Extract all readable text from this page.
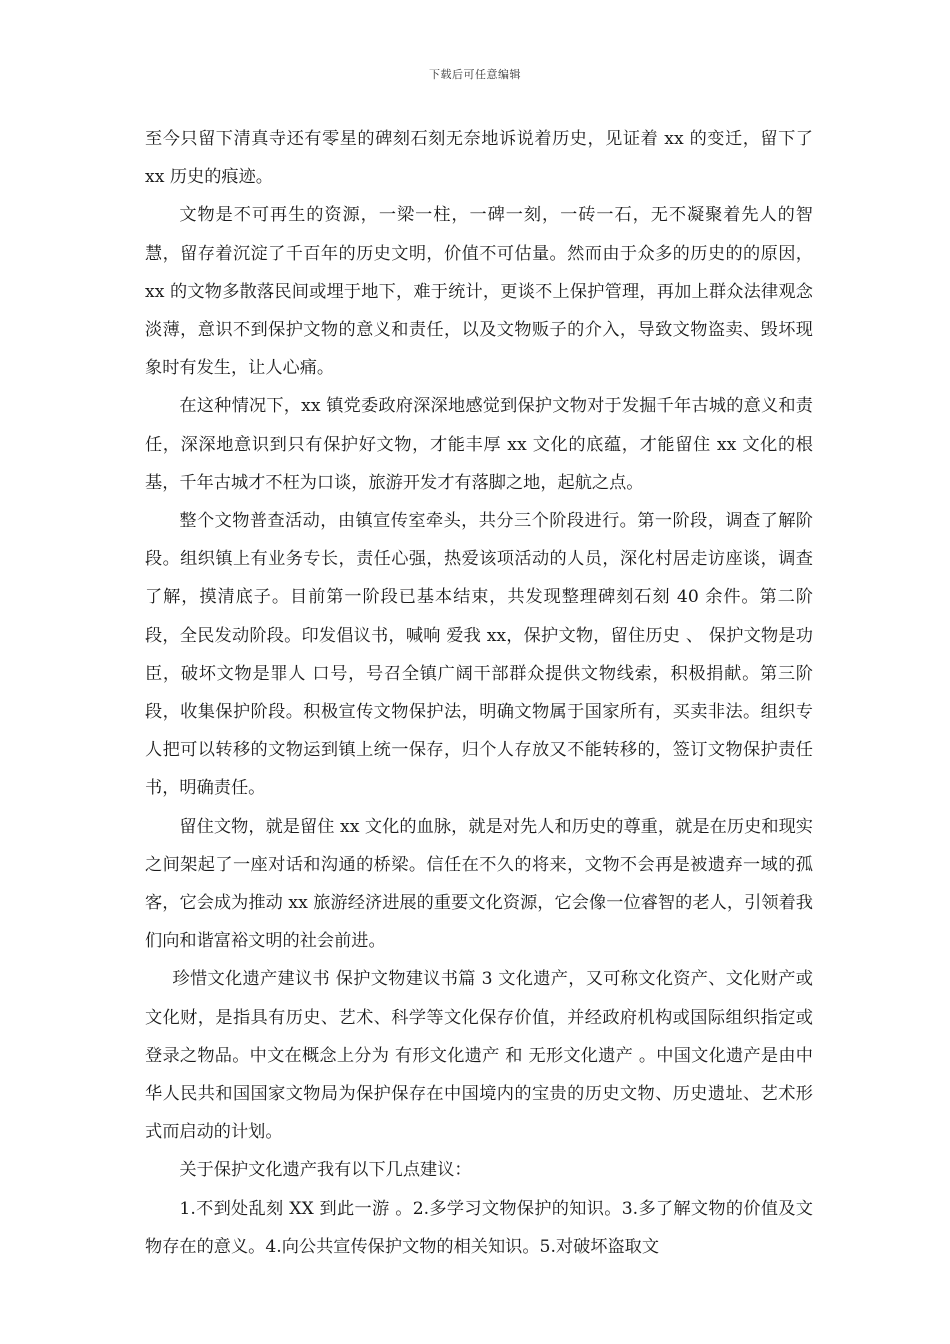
下载后可任意编辑

至今只留下清真寺还有零星的碑刻石刻无奈地诉说着历史，见证着 xx 的变迁，留下了 xx 历史的痕迹。

文物是不可再生的资源，一梁一柱，一碑一刻，一砖一石，无不凝聚着先人的智慧，留存着沉淀了千百年的历史文明，价值不可估量。然而由于众多的历史的的原因，xx 的文物多散落民间或埋于地下，难于统计，更谈不上保护管理，再加上群众法律观念淡薄，意识不到保护文物的意义和责任，以及文物贩子的介入，导致文物盗卖、毁坏现象时有发生，让人心痛。

在这种情况下，xx 镇党委政府深深地感觉到保护文物对于发掘千年古城的意义和责任，深深地意识到只有保护好文物，才能丰厚 xx 文化的底蕴，才能留住 xx 文化的根基，千年古城才不枉为口谈，旅游开发才有落脚之地，起航之点。

整个文物普查活动，由镇宣传室牵头，共分三个阶段进行。第一阶段，调查了解阶段。组织镇上有业务专长，责任心强，热爱该项活动的人员，深化村居走访座谈，调查了解，摸清底子。目前第一阶段已基本结束，共发现整理碑刻石刻 40 余件。第二阶段，全民发动阶段。印发倡议书，喊响 爱我 xx，保护文物，留住历史 、 保护文物是功臣，破坏文物是罪人 口号，号召全镇广阔干部群众提供文物线索，积极捐献。第三阶段，收集保护阶段。积极宣传文物保护法，明确文物属于国家所有，买卖非法。组织专人把可以转移的文物运到镇上统一保存，归个人存放又不能转移的，签订文物保护责任书，明确责任。

留住文物，就是留住 xx 文化的血脉，就是对先人和历史的尊重，就是在历史和现实之间架起了一座对话和沟通的桥梁。信任在不久的将来，文物不会再是被遗弃一域的孤客，它会成为推动 xx 旅游经济进展的重要文化资源，它会像一位睿智的老人，引领着我们向和谐富裕文明的社会前进。

珍惜文化遗产建议书 保护文物建议书篇 3 文化遗产，又可称文化资产、文化财产或文化财，是指具有历史、艺术、科学等文化保存价值，并经政府机构或国际组织指定或登录之物品。中文在概念上分为 有形文化遗产 和 无形文化遗产 。中国文化遗产是由中华人民共和国国家文物局为保护保存在中国境内的宝贵的历史文物、历史遗址、艺术形式而启动的计划。

关于保护文化遗产我有以下几点建议：

1.不到处乱刻 XX 到此一游 。2.多学习文物保护的知识。3.多了解文物的价值及文物存在的意义。4.向公共宣传保护文物的相关知识。5.对破坏盗取文
